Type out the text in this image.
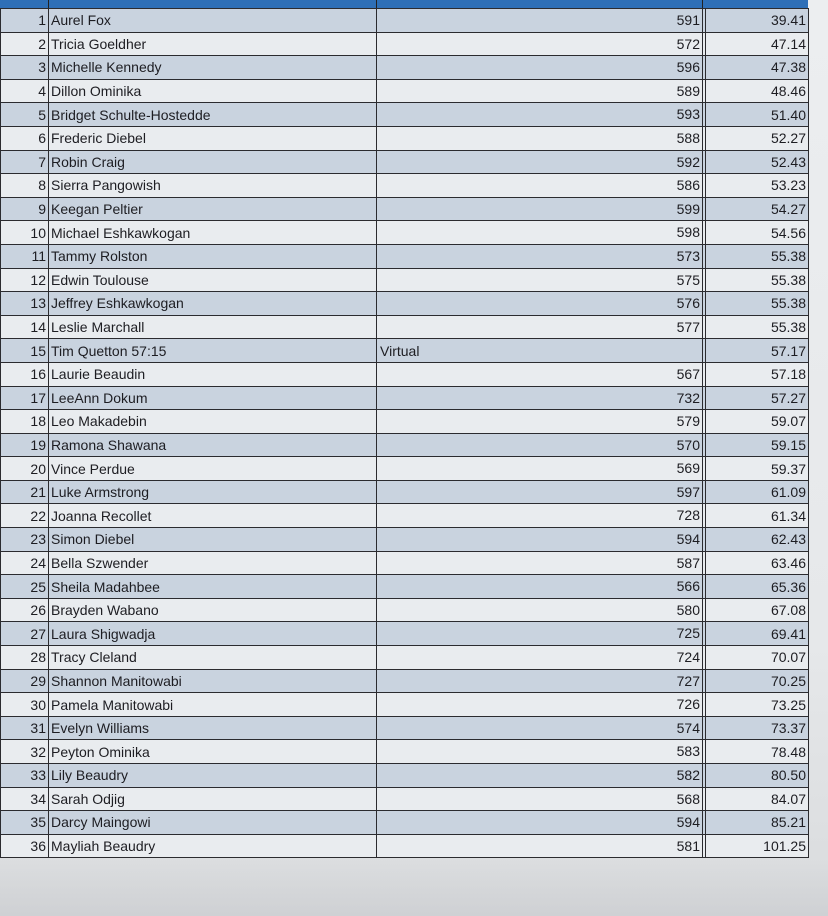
1	Aurel Fox	591		39.41
2	Tricia Goeldher	572		47.14
3	Michelle Kennedy	596		47.38
4	Dillon Ominika	589		48.46
5	Bridget Schulte-Hostedde	593		51.40
6	Frederic Diebel	588		52.27
7	Robin Craig	592		52.43
8	Sierra Pangowish	586		53.23
9	Keegan Peltier	599		54.27
10	Michael Eshkawkogan	598		54.56
11	Tammy Rolston	573		55.38
12	Edwin Toulouse	575		55.38
13	Jeffrey Eshkawkogan	576		55.38
14	Leslie Marchall	577		55.38
15	Tim Quetton 57:15	Virtual		57.17
16	Laurie Beaudin	567		57.18
17	LeeAnn Dokum	732		57.27
18	Leo Makadebin	579		59.07
19	Ramona Shawana	570		59.15
20	Vince Perdue	569		59.37
21	Luke Armstrong	597		61.09
22	Joanna Recollet	728		61.34
23	Simon Diebel	594		62.43
24	Bella Szwender	587		63.46
25	Sheila Madahbee	566		65.36
26	Brayden Wabano	580		67.08
27	Laura Shigwadja	725		69.41
28	Tracy Cleland	724		70.07
29	Shannon Manitowabi	727		70.25
30	Pamela Manitowabi	726		73.25
31	Evelyn Williams	574		73.37
32	Peyton Ominika	583		78.48
33	Lily Beaudry	582		80.50
34	Sarah Odjig	568		84.07
35	Darcy Maingowi	594		85.21
36	Mayliah Beaudry	581		101.25
